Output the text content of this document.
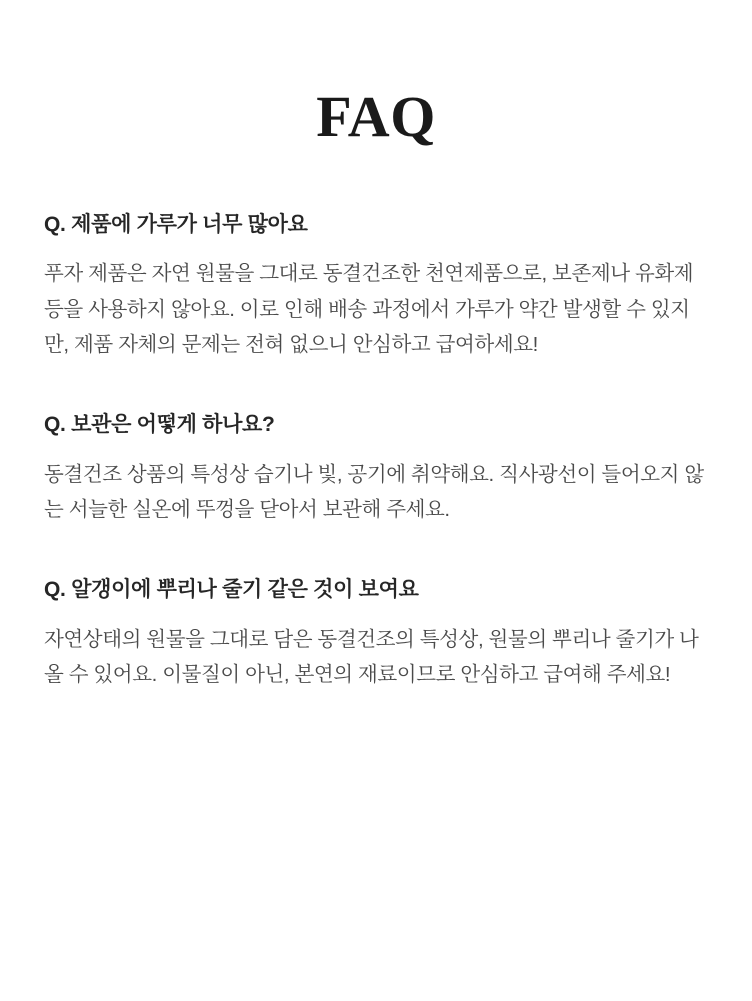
FAQ

Q. 제품에 가루가 너무 많아요

푸자 제품은 자연 원물을 그대로 동결건조한 천연제품으로, 보존제나 유화제 등을 사용하지 않아요. 이로 인해 배송 과정에서 가루가 약간 발생할 수 있지만, 제품 자체의 문제는 전혀 없으니 안심하고 급여하세요!

Q. 보관은 어떻게 하나요?

동결건조 상품의 특성상 습기나 빛, 공기에 취약해요. 직사광선이 들어오지 않는 서늘한 실온에 뚜껑을 닫아서 보관해 주세요.

Q. 알갱이에 뿌리나 줄기 같은 것이 보여요

자연상태의 원물을 그대로 담은 동결건조의 특성상, 원물의 뿌리나 줄기가 나올 수 있어요. 이물질이 아닌, 본연의 재료이므로 안심하고 급여해 주세요!
